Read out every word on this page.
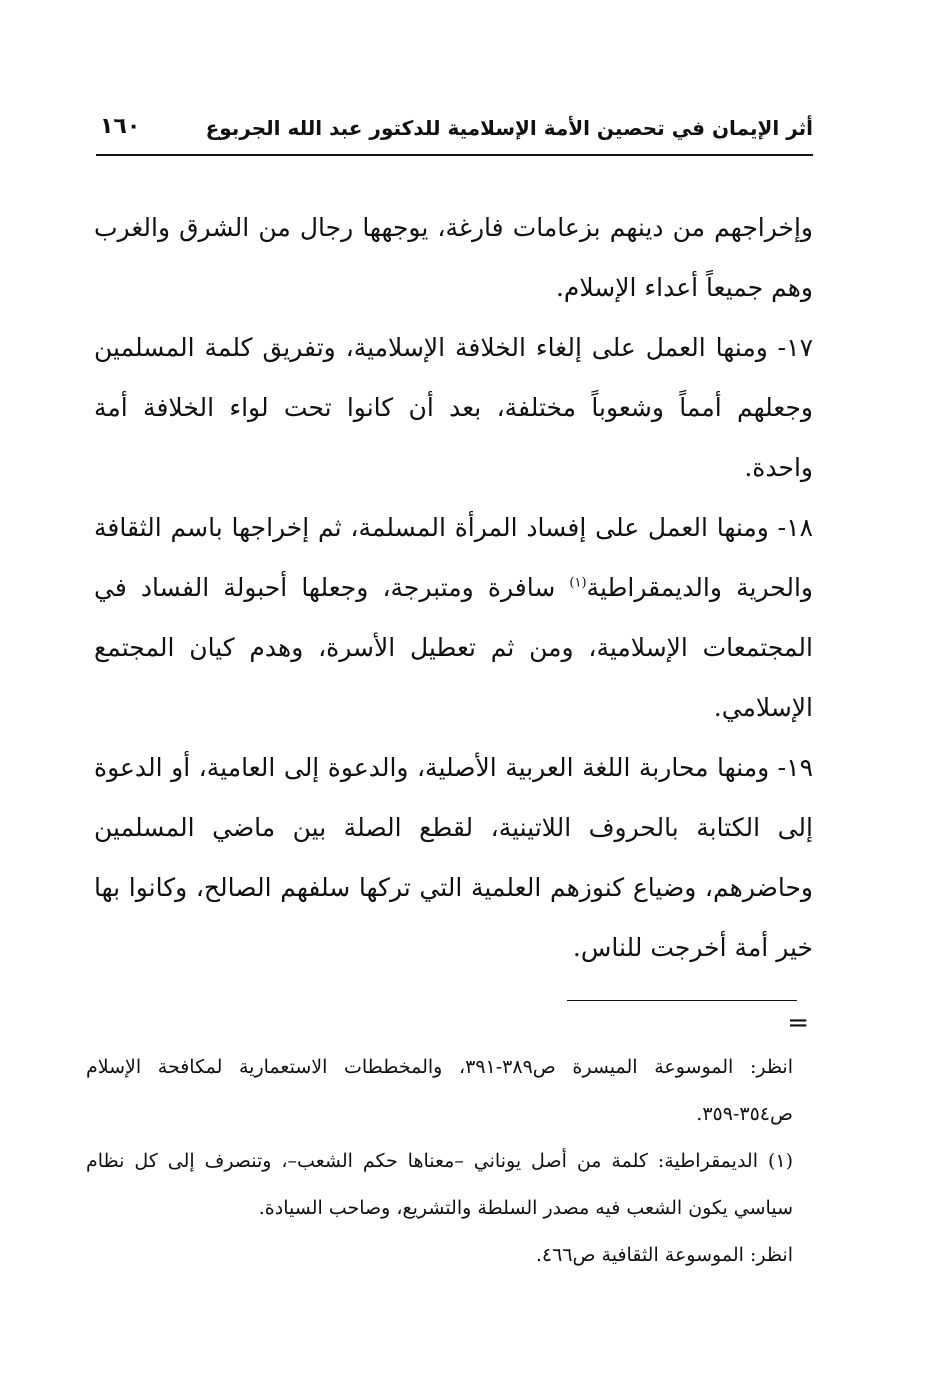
أثر الإيمان في تحصين الأمة الإسلامية للدكتور عبد الله الجربوع
١٦٠

وإخراجهم من دينهم بزعامات فارغة، يوجهها رجال من الشرق والغرب وهم جميعاً أعداء الإسلام.

١٧- ومنها العمل على إلغاء الخلافة الإسلامية، وتفريق كلمة المسلمين وجعلهم أمماً وشعوباً مختلفة، بعد أن كانوا تحت لواء الخلافة أمة واحدة.

١٨- ومنها العمل على إفساد المرأة المسلمة، ثم إخراجها باسم الثقافة والحرية والديمقراطية$^{(١)}$ سافرة ومتبرجة، وجعلها أحبولة الفساد في المجتمعات الإسلامية، ومن ثم تعطيل الأسرة، وهدم كيان المجتمع الإسلامي.

١٩- ومنها محاربة اللغة العربية الأصلية، والدعوة إلى العامية، أو الدعوة إلى الكتابة بالحروف اللاتينية، لقطع الصلة بين ماضي المسلمين وحاضرهم، وضياع كنوزهم العلمية التي تركها سلفهم الصالح، وكانوا بها خير أمة أخرجت للناس.

=

انظر: الموسوعة الميسرة ص٣٨٩-٣٩١، والمخططات الاستعمارية لمكافحة الإسلام ص٣٥٤-٣٥٩.

(١) الديمقراطية: كلمة من أصل يوناني –معناها حكم الشعب–، وتنصرف إلى كل نظام سياسي يكون الشعب فيه مصدر السلطة والتشريع، وصاحب السيادة.

انظر: الموسوعة الثقافية ص٤٦٦.
